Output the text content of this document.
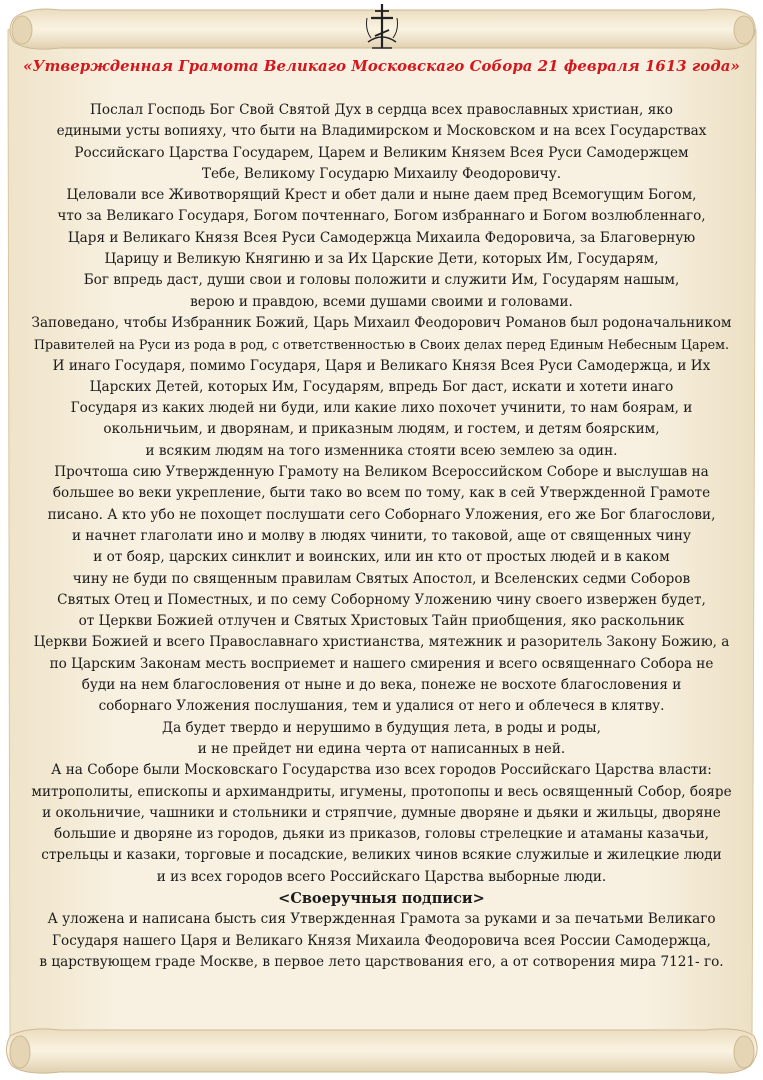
«Утвержденная Грамота Великаго Московскаго Собора 21 февраля 1613 года»
Послал Господь Бог Свой Святой Дух в сердца всех православных христиан, яко
едиными усты вопияху, что быти на Владимирском и Московском и на всех Государствах
Российскаго Царства Государем, Царем и Великим Князем Всея Руси Самодержцем
Тебе, Великому Государю Михаилу Феодоровичу.
Целовали все Животворящий Крест и обет дали и ныне даем пред Всемогущим Богом,
что за Великаго Государя, Богом почтеннаго, Богом избраннаго и Богом возлюбленнаго,
Царя и Великаго Князя Всея Руси Самодержца Михаила Федоровича, за Благоверную
Царицу и Великую Княгиню и за Их Царские Дети, которых Им, Государям,
Бог впредь даст, души свои и головы положити и служити Им, Государям нашым,
верою и правдою, всеми душами своими и головами.
Заповедано, чтобы Избранник Божий, Царь Михаил Феодорович Романов был родоначальником
Правителей на Руси из рода в род, с ответственностью в Своих делах перед Единым Небесным Царем.
И инаго Государя, помимо Государя, Царя и Великаго Князя Всея Руси Самодержца, и Их
Царских Детей, которых Им, Государям, впредь Бог даст, искати и хотети инаго
Государя из каких людей ни буди, или какие лихо похочет учинити, то нам боярам, и
окольничьим, и дворянам, и приказным людям, и гостем, и детям боярским,
и всяким людям на того изменника стояти всею землею за один.
Прочтоша сию Утвержденную Грамоту на Великом Всероссийском Соборе и выслушав на
большее во веки укрепление, быти тако во всем по тому, как в сей Утвержденной Грамоте
писано. А кто убо не похощет послушати сего Соборнаго Уложения, его же Бог благослови,
и начнет глаголати ино и молву в людях чинити, то таковой, аще от священных чину
и от бояр, царских синклит и воинских, или ин кто от простых людей и в каком
чину не буди по священным правилам Святых Апостол, и Вселенских седми Соборов
Святых Отец и Поместных, и по сему Соборному Уложению чину своего извержен будет,
от Церкви Божией отлучен и Святых Христовых Тайн приобщения, яко раскольник
Церкви Божией и всего Православнаго христианства, мятежник и разоритель Закону Божию, а
по Царским Законам месть восприемет и нашего смирения и всего освященнаго Собора не
буди на нем благословения от ныне и до века, понеже не восхоте благословения и
соборнаго Уложения послушания, тем и удалися от него и облечеся в клятву.
Да будет твердо и нерушимо в будущия лета, в роды и роды,
и не прейдет ни едина черта от написанных в ней.
А на Соборе были Московскаго Государства изо всех городов Российскаго Царства власти:
митрополиты, епископы и архимандриты, игумены, протопопы и весь освященный Собор, бояре
и окольничие, чашники и стольники и стряпчие, думные дворяне и дьяки и жильцы, дворяне
большие и дворяне из городов, дьяки из приказов, головы стрелецкие и атаманы казачьи,
стрельцы и казаки, торговые и посадские, великих чинов всякие служилые и жилецкие люди
и из всех городов всего Российскаго Царства выборные люди.
<Своеручныя подписи>
А уложена и написана бысть сия Утвержденная Грамота за руками и за печатьми Великаго
Государя нашего Царя и Великаго Князя Михаила Феодоровича всея России Самодержца,
в царствующем граде Москве, в первое лето царствования его, а от сотворения мира 7121- го.
